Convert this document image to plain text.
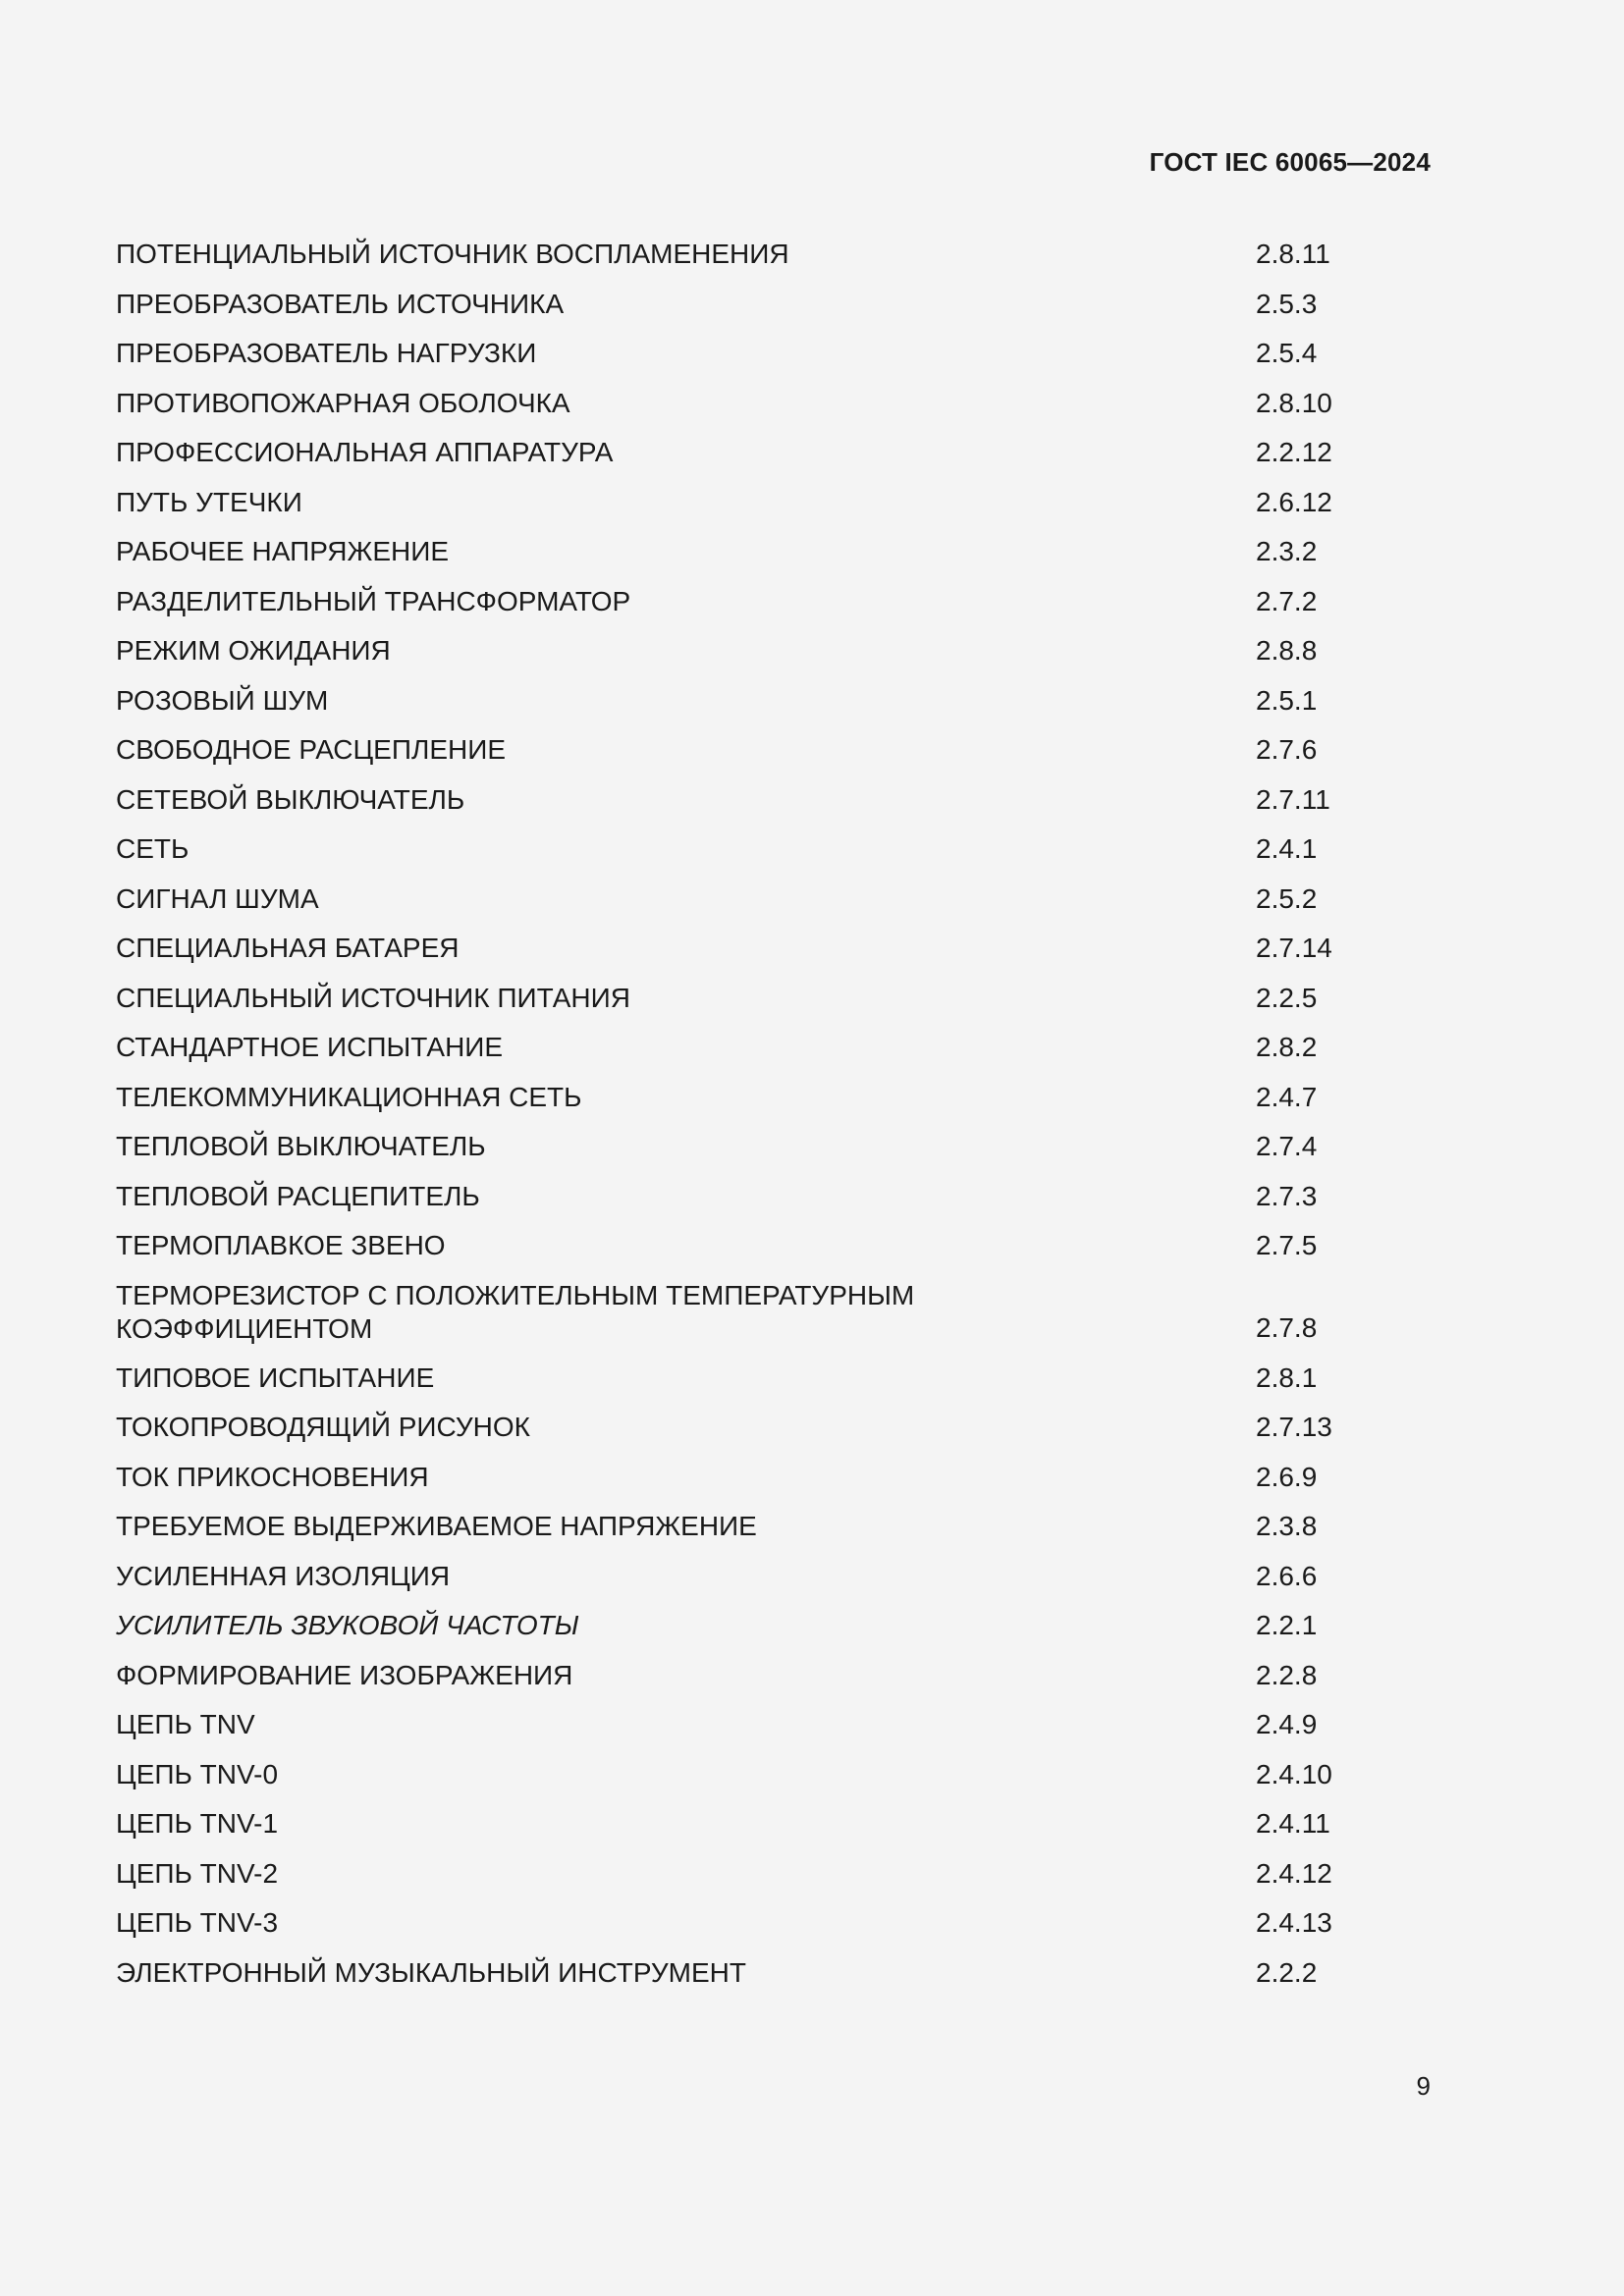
ГОСТ IEC 60065—2024
ПОТЕНЦИАЛЬНЫЙ ИСТОЧНИК ВОСПЛАМЕНЕНИЯ	2.8.11
ПРЕОБРАЗОВАТЕЛЬ ИСТОЧНИКА	2.5.3
ПРЕОБРАЗОВАТЕЛЬ НАГРУЗКИ	2.5.4
ПРОТИВОПОЖАРНАЯ ОБОЛОЧКА	2.8.10
ПРОФЕССИОНАЛЬНАЯ АППАРАТУРА	2.2.12
ПУТЬ УТЕЧКИ	2.6.12
РАБОЧЕЕ НАПРЯЖЕНИЕ	2.3.2
РАЗДЕЛИТЕЛЬНЫЙ ТРАНСФОРМАТОР	2.7.2
РЕЖИМ ОЖИДАНИЯ	2.8.8
РОЗОВЫЙ ШУМ	2.5.1
СВОБОДНОЕ РАСЦЕПЛЕНИЕ	2.7.6
СЕТЕВОЙ ВЫКЛЮЧАТЕЛЬ	2.7.11
СЕТЬ	2.4.1
СИГНАЛ ШУМА	2.5.2
СПЕЦИАЛЬНАЯ БАТАРЕЯ	2.7.14
СПЕЦИАЛЬНЫЙ ИСТОЧНИК ПИТАНИЯ	2.2.5
СТАНДАРТНОЕ ИСПЫТАНИЕ	2.8.2
ТЕЛЕКОММУНИКАЦИОННАЯ СЕТЬ	2.4.7
ТЕПЛОВОЙ ВЫКЛЮЧАТЕЛЬ	2.7.4
ТЕПЛОВОЙ РАСЦЕПИТЕЛЬ	2.7.3
ТЕРМОПЛАВКОЕ ЗВЕНО	2.7.5
ТЕРМОРЕЗИСТОР С ПОЛОЖИТЕЛЬНЫМ ТЕМПЕРАТУРНЫМ КОЭФФИЦИЕНТОМ	2.7.8
ТИПОВОЕ ИСПЫТАНИЕ	2.8.1
ТОКОПРОВОДЯЩИЙ РИСУНОК	2.7.13
ТОК ПРИКОСНОВЕНИЯ	2.6.9
ТРЕБУЕМОЕ ВЫДЕРЖИВАЕМОЕ НАПРЯЖЕНИЕ	2.3.8
УСИЛЕННАЯ ИЗОЛЯЦИЯ	2.6.6
УСИЛИТЕЛЬ ЗВУКОВОЙ ЧАСТОТЫ	2.2.1
ФОРМИРОВАНИЕ ИЗОБРАЖЕНИЯ	2.2.8
ЦЕПЬ TNV	2.4.9
ЦЕПЬ TNV-0	2.4.10
ЦЕПЬ TNV-1	2.4.11
ЦЕПЬ TNV-2	2.4.12
ЦЕПЬ TNV-3	2.4.13
ЭЛЕКТРОННЫЙ МУЗЫКАЛЬНЫЙ ИНСТРУМЕНТ	2.2.2
9
